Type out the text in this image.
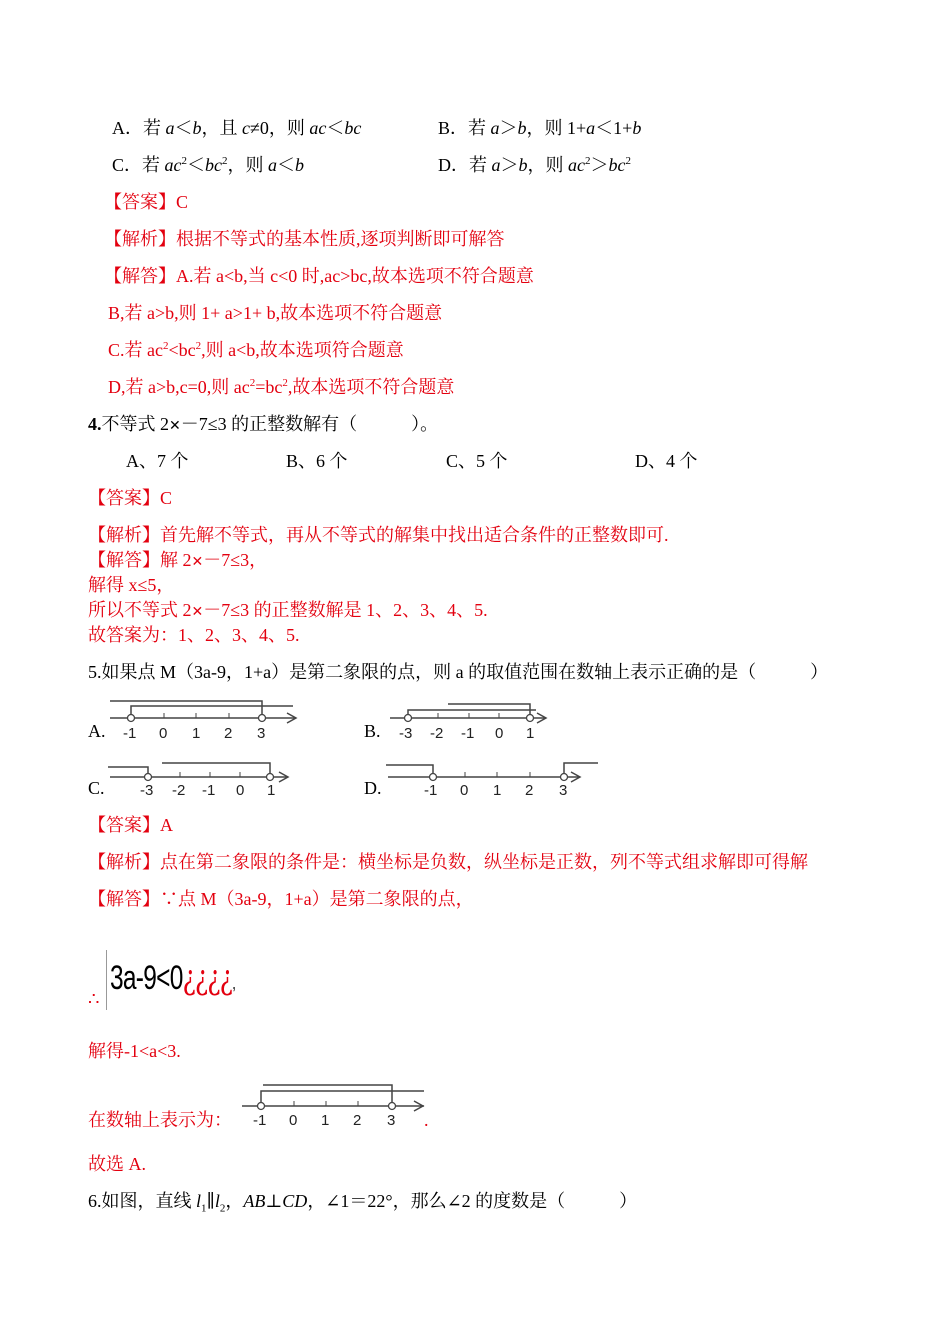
A．若 a＜b，且 c≠0，则 ac＜bc	B．若 a＞b，则 1+a＜1+b
C．若 $ac^2<bc^2$，则 a＜b	D．若 a＞b，则 $ac^2>bc^2$
【答案】C
【解析】根据不等式的基本性质,逐项判断即可解答
【解答】A.若 a<b,当 c<0 时,ac>bc,故本选项不符合题意
B,若 a>b,则 1+ a>1+ b,故本选项不符合题意
C.若 $ac^2<bc^2$,则 a<b,故本选项符合题意
D,若 a>b,c=0,则 $ac^2=bc^2$,故本选项不符合题意
4.不等式 2✕－7≤3 的正整数解有（　　　）。
A、7 个	B、6 个	C、5 个	D、4 个
【答案】C
【解析】首先解不等式，再从不等式的解集中找出适合条件的正整数即可.
【解答】解 2✕－7≤3，
解得 x≤5，
所以不等式 2✕－7≤3 的正整数解是 1、2、3、4、5.
故答案为：1、2、3、4、5.
5.如果点 M（3a-9，1+a）是第二象限的点，则 a 的取值范围在数轴上表示正确的是（　　　）
A. -1 0 1 2 3	B. -3 -2 -1 0 1
C. -3 -2 -1 0 1	D.	-1 0 1 2 3
【答案】A
【解析】点在第二象限的条件是：横坐标是负数，纵坐标是正数，列不等式组求解即可得解
【解答】∵点 M（3a-9，1+a）是第二象限的点，
∴
3a-9<0¿¿¿¿,
解得-1<a<3.
在数轴上表示为： -1 0 1 2 3 .
故选 A.
6.如图，直线 $l_1\parallel l_2$，AB⊥CD，∠1＝22°，那么∠2 的度数是（　　　）
